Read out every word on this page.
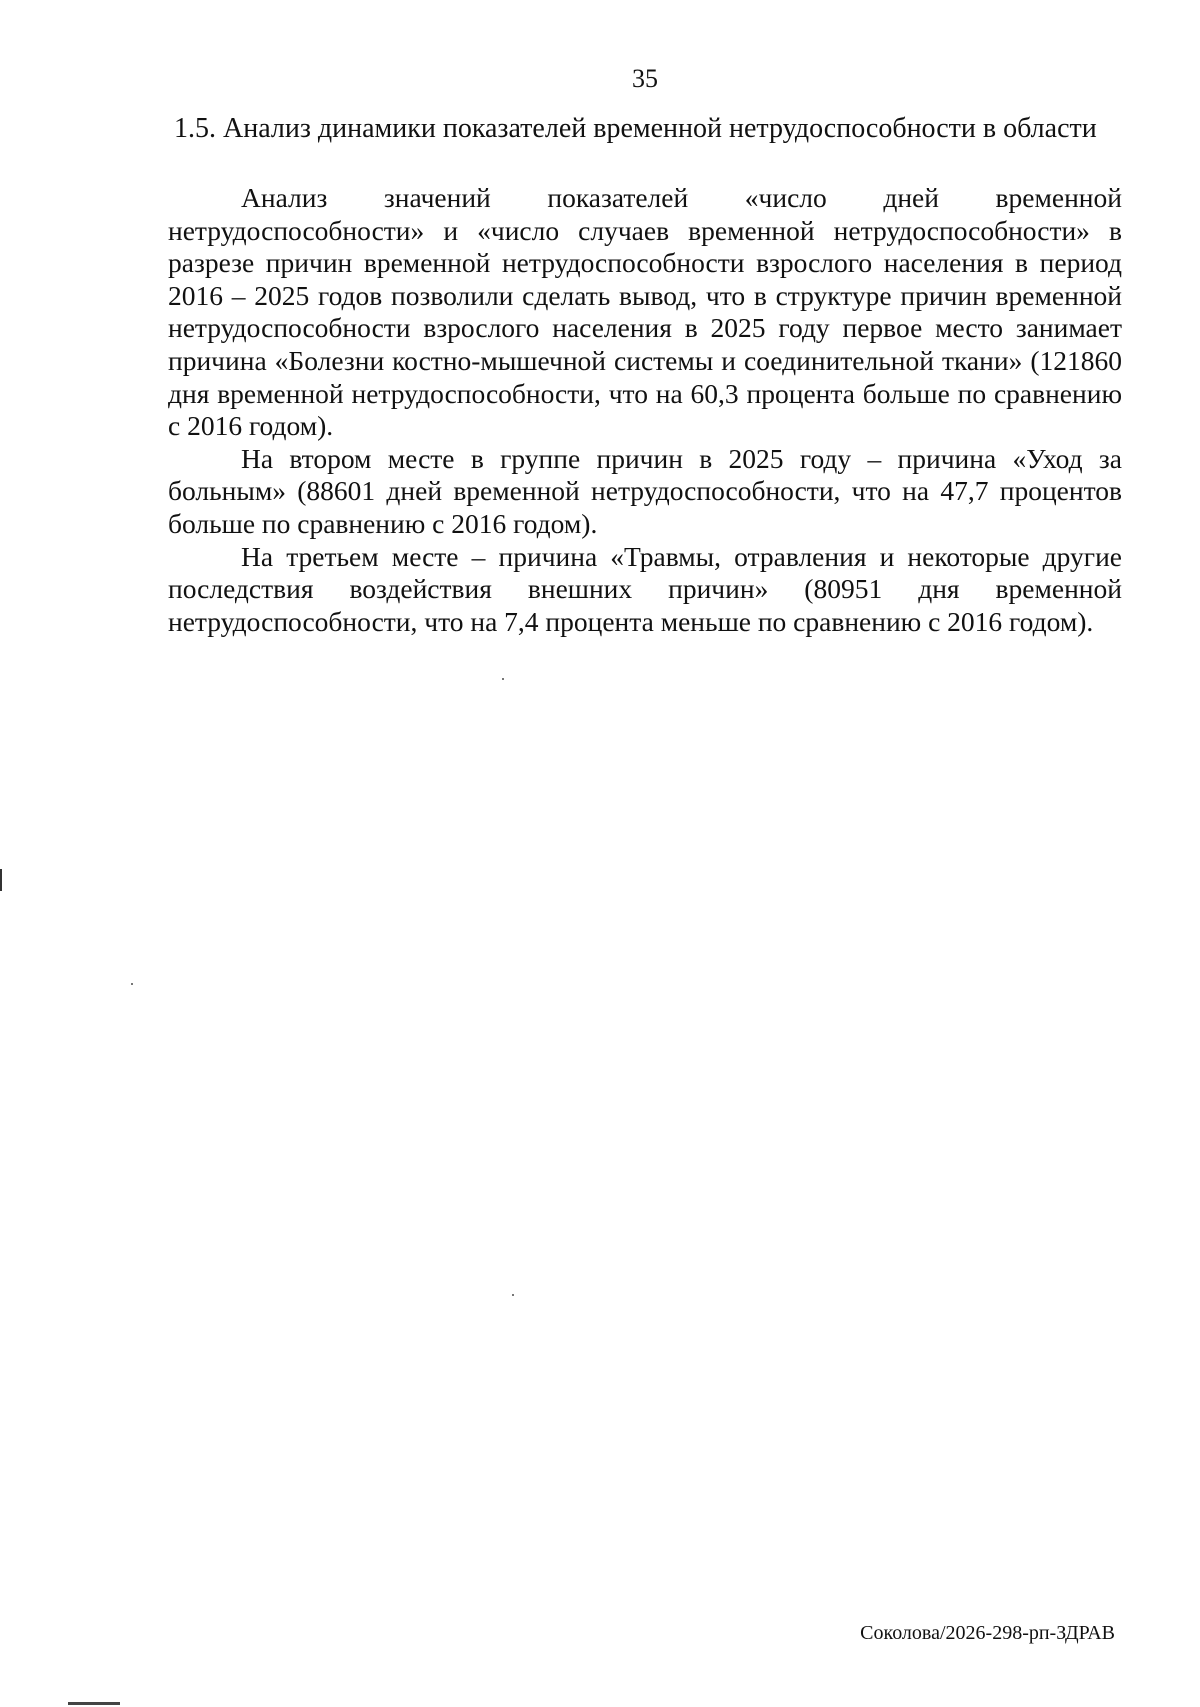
35
1.5. Анализ динамики показателей временной нетрудоспособности в области

Анализ значений показателей «число дней временной нетрудоспособности» и «число случаев временной нетрудоспособности» в разрезе причин временной нетрудоспособности взрослого населения в период 2016 – 2025 годов позволили сделать вывод, что в структуре причин временной нетрудоспособности взрослого населения в 2025 году первое место занимает причина «Болезни костно-мышечной системы и соединительной ткани» (121860 дня временной нетрудоспособности, что на 60,3 процента больше по сравнению с 2016 годом).

На втором месте в группе причин в 2025 году – причина «Уход за больным» (88601 дней временной нетрудоспособности, что на 47,7 процентов больше по сравнению с 2016 годом).

На третьем месте – причина «Травмы, отравления и некоторые другие последствия воздействия внешних причин» (80951 дня временной нетрудоспособности, что на 7,4 процента меньше по сравнению с 2016 годом).

Соколова/2026-298-рп-ЗДРАВ
